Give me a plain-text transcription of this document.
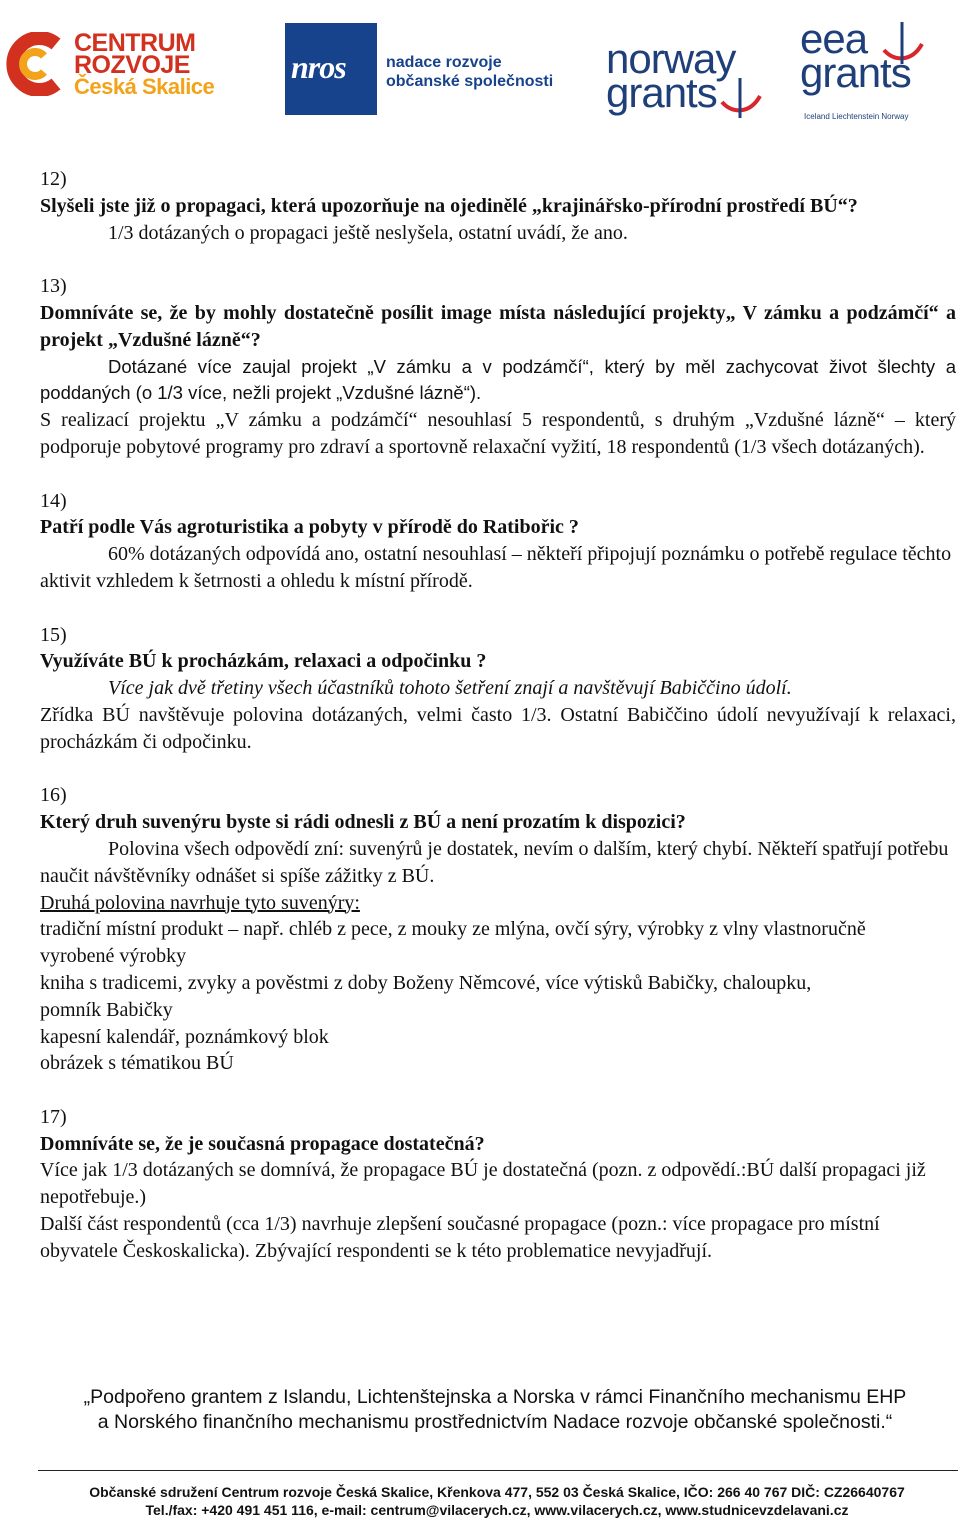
CENTRUM
ROZVOJE
Česká Skalice
nros	nadace rozvoje
občanské společnosti norway
grants
eea
grants
Iceland Liechtenstein Norway

12)

Slyšeli jste již o propagaci, která upozorňuje na ojedinělé „krajinářsko-přírodní prostředí BÚ“?

1/3 dotázaných o propagaci ještě neslyšela, ostatní uvádí, že ano.

13)

Domníváte se, že by mohly dostatečně posílit image místa následující projekty„ V zámku a podzámčí“ a projekt „Vzdušné lázně“?

Dotázané více zaujal projekt „V zámku a v podzámčí“, který by měl zachycovat život šlechty a poddaných (o 1/3 více, nežli projekt „Vzdušné lázně“).

S realizací projektu „V zámku a podzámčí“ nesouhlasí 5 respondentů, s druhým „Vzdušné lázně“ – který podporuje pobytové programy pro zdraví a sportovně relaxační vyžití, 18 respondentů (1/3 všech dotázaných).

14)

Patří podle Vás agroturistika a pobyty v přírodě do Ratibořic ?

60% dotázaných odpovídá ano, ostatní nesouhlasí – někteří připojují poznámku o potřebě regulace těchto aktivit vzhledem k šetrnosti a ohledu k místní přírodě.

15)

Využíváte BÚ k procházkám, relaxaci a odpočinku ?

Více jak dvě třetiny všech účastníků tohoto šetření znají a navštěvují Babiččino údolí.

Zřídka BÚ navštěvuje polovina dotázaných, velmi často 1/3. Ostatní Babiččino údolí nevyužívají k relaxaci, procházkám či odpočinku.

16)

Který druh suvenýru byste si rádi odnesli z BÚ a není prozatím k dispozici?

Polovina všech odpovědí zní: suvenýrů je dostatek, nevím o dalším, který chybí. Někteří spatřují potřebu naučit návštěvníky odnášet si spíše zážitky z BÚ.

Druhá polovina navrhuje tyto suvenýry:

tradiční místní produkt – např. chléb z pece, z mouky ze mlýna, ovčí sýry, výrobky z vlny vlastnoručně vyrobené výrobky

kniha s tradicemi, zvyky a pověstmi z doby Boženy Němcové, více výtisků Babičky, chaloupku, pomník Babičky

kapesní kalendář, poznámkový blok

obrázek s tématikou BÚ

17)

Domníváte se, že je současná propagace dostatečná?

Více jak 1/3 dotázaných se domnívá, že propagace BÚ je dostatečná (pozn. z odpovědí.:BÚ další propagaci již nepotřebuje.)

Další část respondentů (cca 1/3) navrhuje zlepšení současné propagace (pozn.: více propagace pro místní obyvatele Českoskalicka). Zbývající respondenti se k této problematice nevyjadřují.

„Podpořeno grantem z Islandu, Lichtenštejnska a Norska v rámci Finančního mechanismu EHP
a Norského finančního mechanismu prostřednictvím Nadace rozvoje občanské společnosti.“
Občanské sdružení Centrum rozvoje Česká Skalice, Křenkova 477, 552 03 Česká Skalice, IČO: 266 40 767 DIČ: CZ26640767
Tel./fax: +420 491 451 116, e-mail: centrum@vilacerych.cz, www.vilacerych.cz, www.studnicevzdelavani.cz
